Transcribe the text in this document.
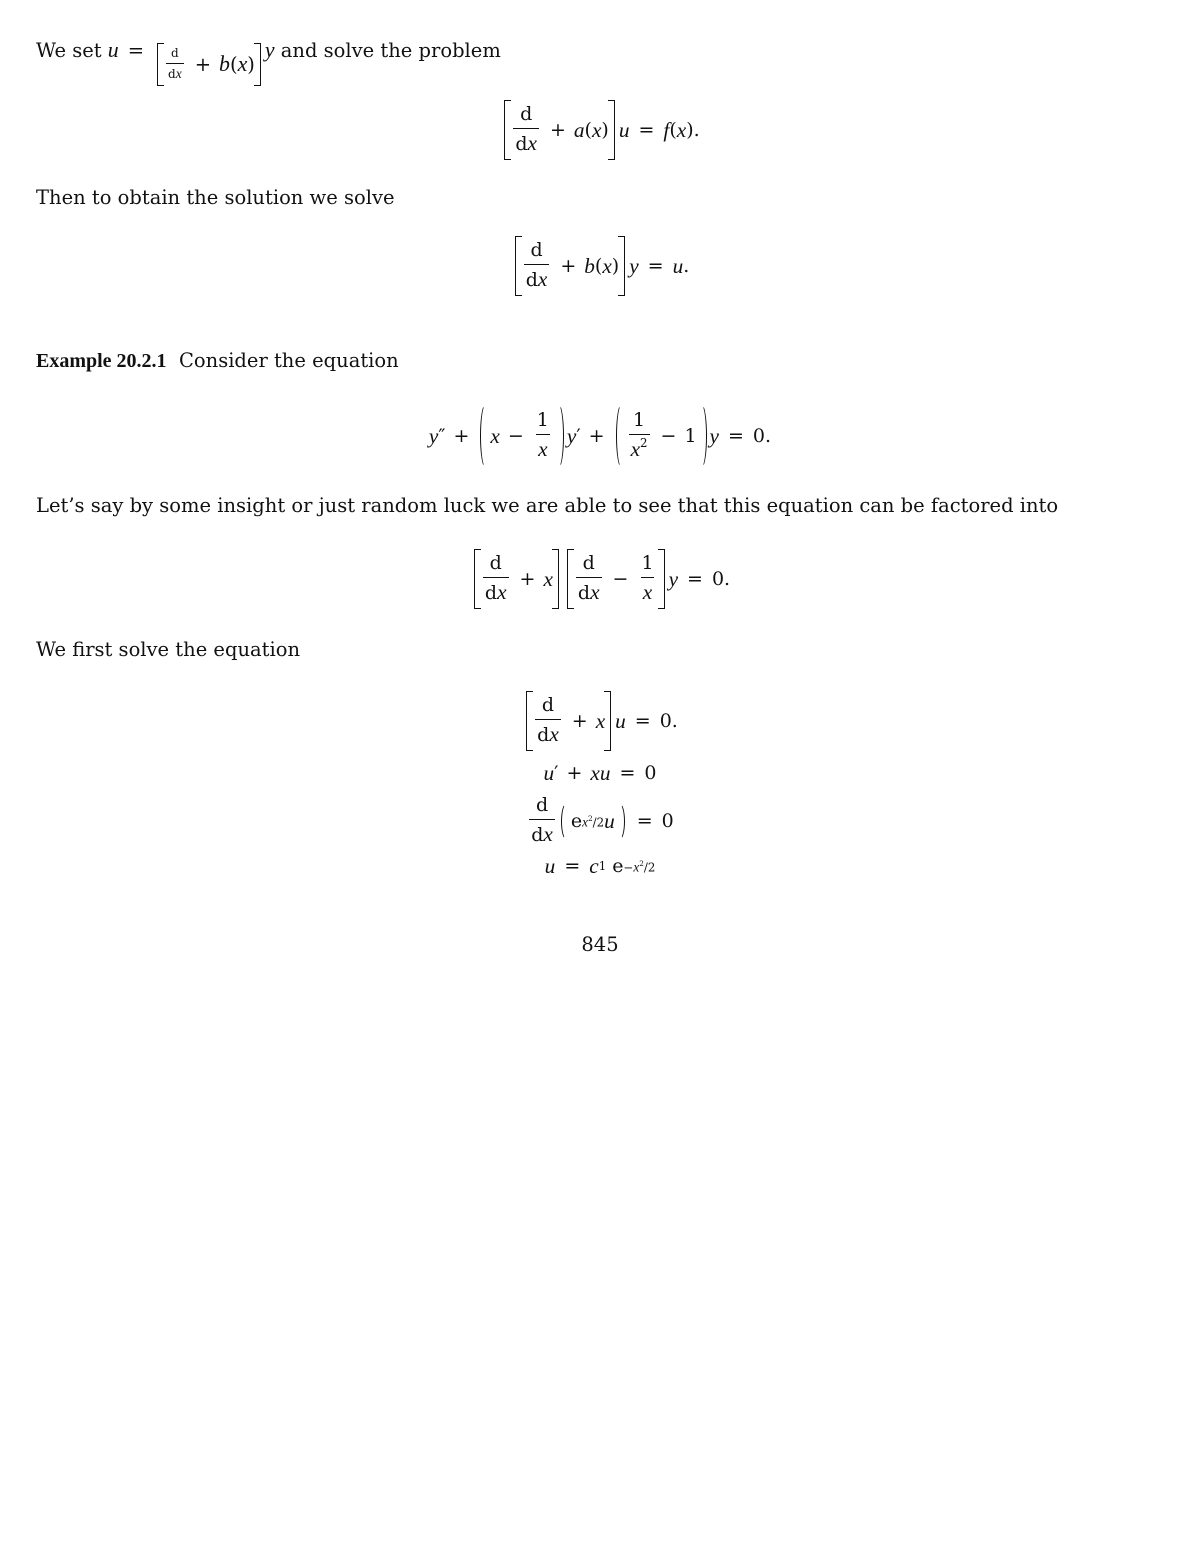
We set $u = \frac{d}{dx} + b$ ( x )y and solve the problem
$\frac{d}{dx} + a$ ( x ) u = f ( x ).
Then to obtain the solution we solve
$\frac{d}{dx} + b$ ( x ) y = u .
Example 20.2.1 Consider the equation
y ″ + $x - \frac{1}{x}$ y ′ + $\frac{1}{x^2} - 1$ y = 0.
Let’s say by some insight or just random luck we are able to see that this equation can be factored into
$\frac{d}{dx} + x \frac{d}{dx} - \frac{1}{x}$ y = 0.
We first solve the equation
$\frac{d}{dx} + x$ u = 0.
u ′ + x u = 0
$\frac{d}{dx}$ e $x^2/2$ u = 0
u = c 1 $e -x^2/2$
845
